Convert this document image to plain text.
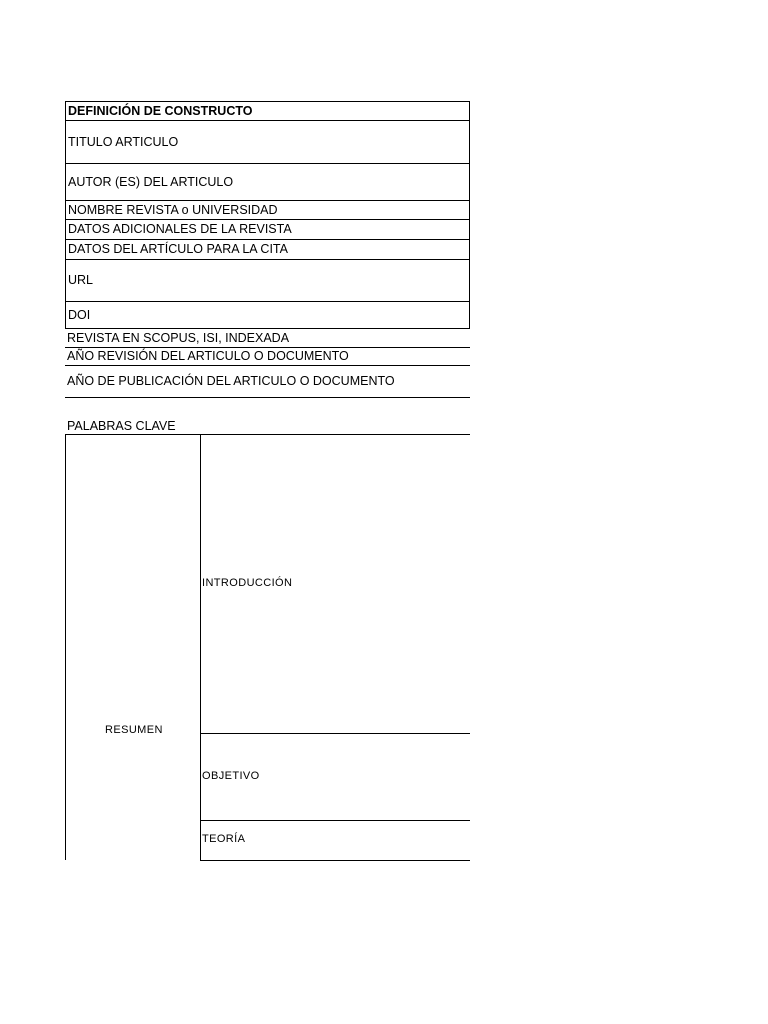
DEFINICIÓN DE CONSTRUCTO
TITULO ARTICULO
AUTOR (ES) DEL ARTICULO
NOMBRE REVISTA o UNIVERSIDAD
DATOS ADICIONALES DE LA REVISTA
DATOS DEL ARTÍCULO PARA LA CITA
URL
DOI
REVISTA EN SCOPUS, ISI, INDEXADA
AÑO REVISIÓN DEL ARTICULO O DOCUMENTO
AÑO DE PUBLICACIÓN DEL ARTICULO O DOCUMENTO
PALABRAS CLAVE
RESUMEN
INTRODUCCIÓN
OBJETIVO
TEORÍA
